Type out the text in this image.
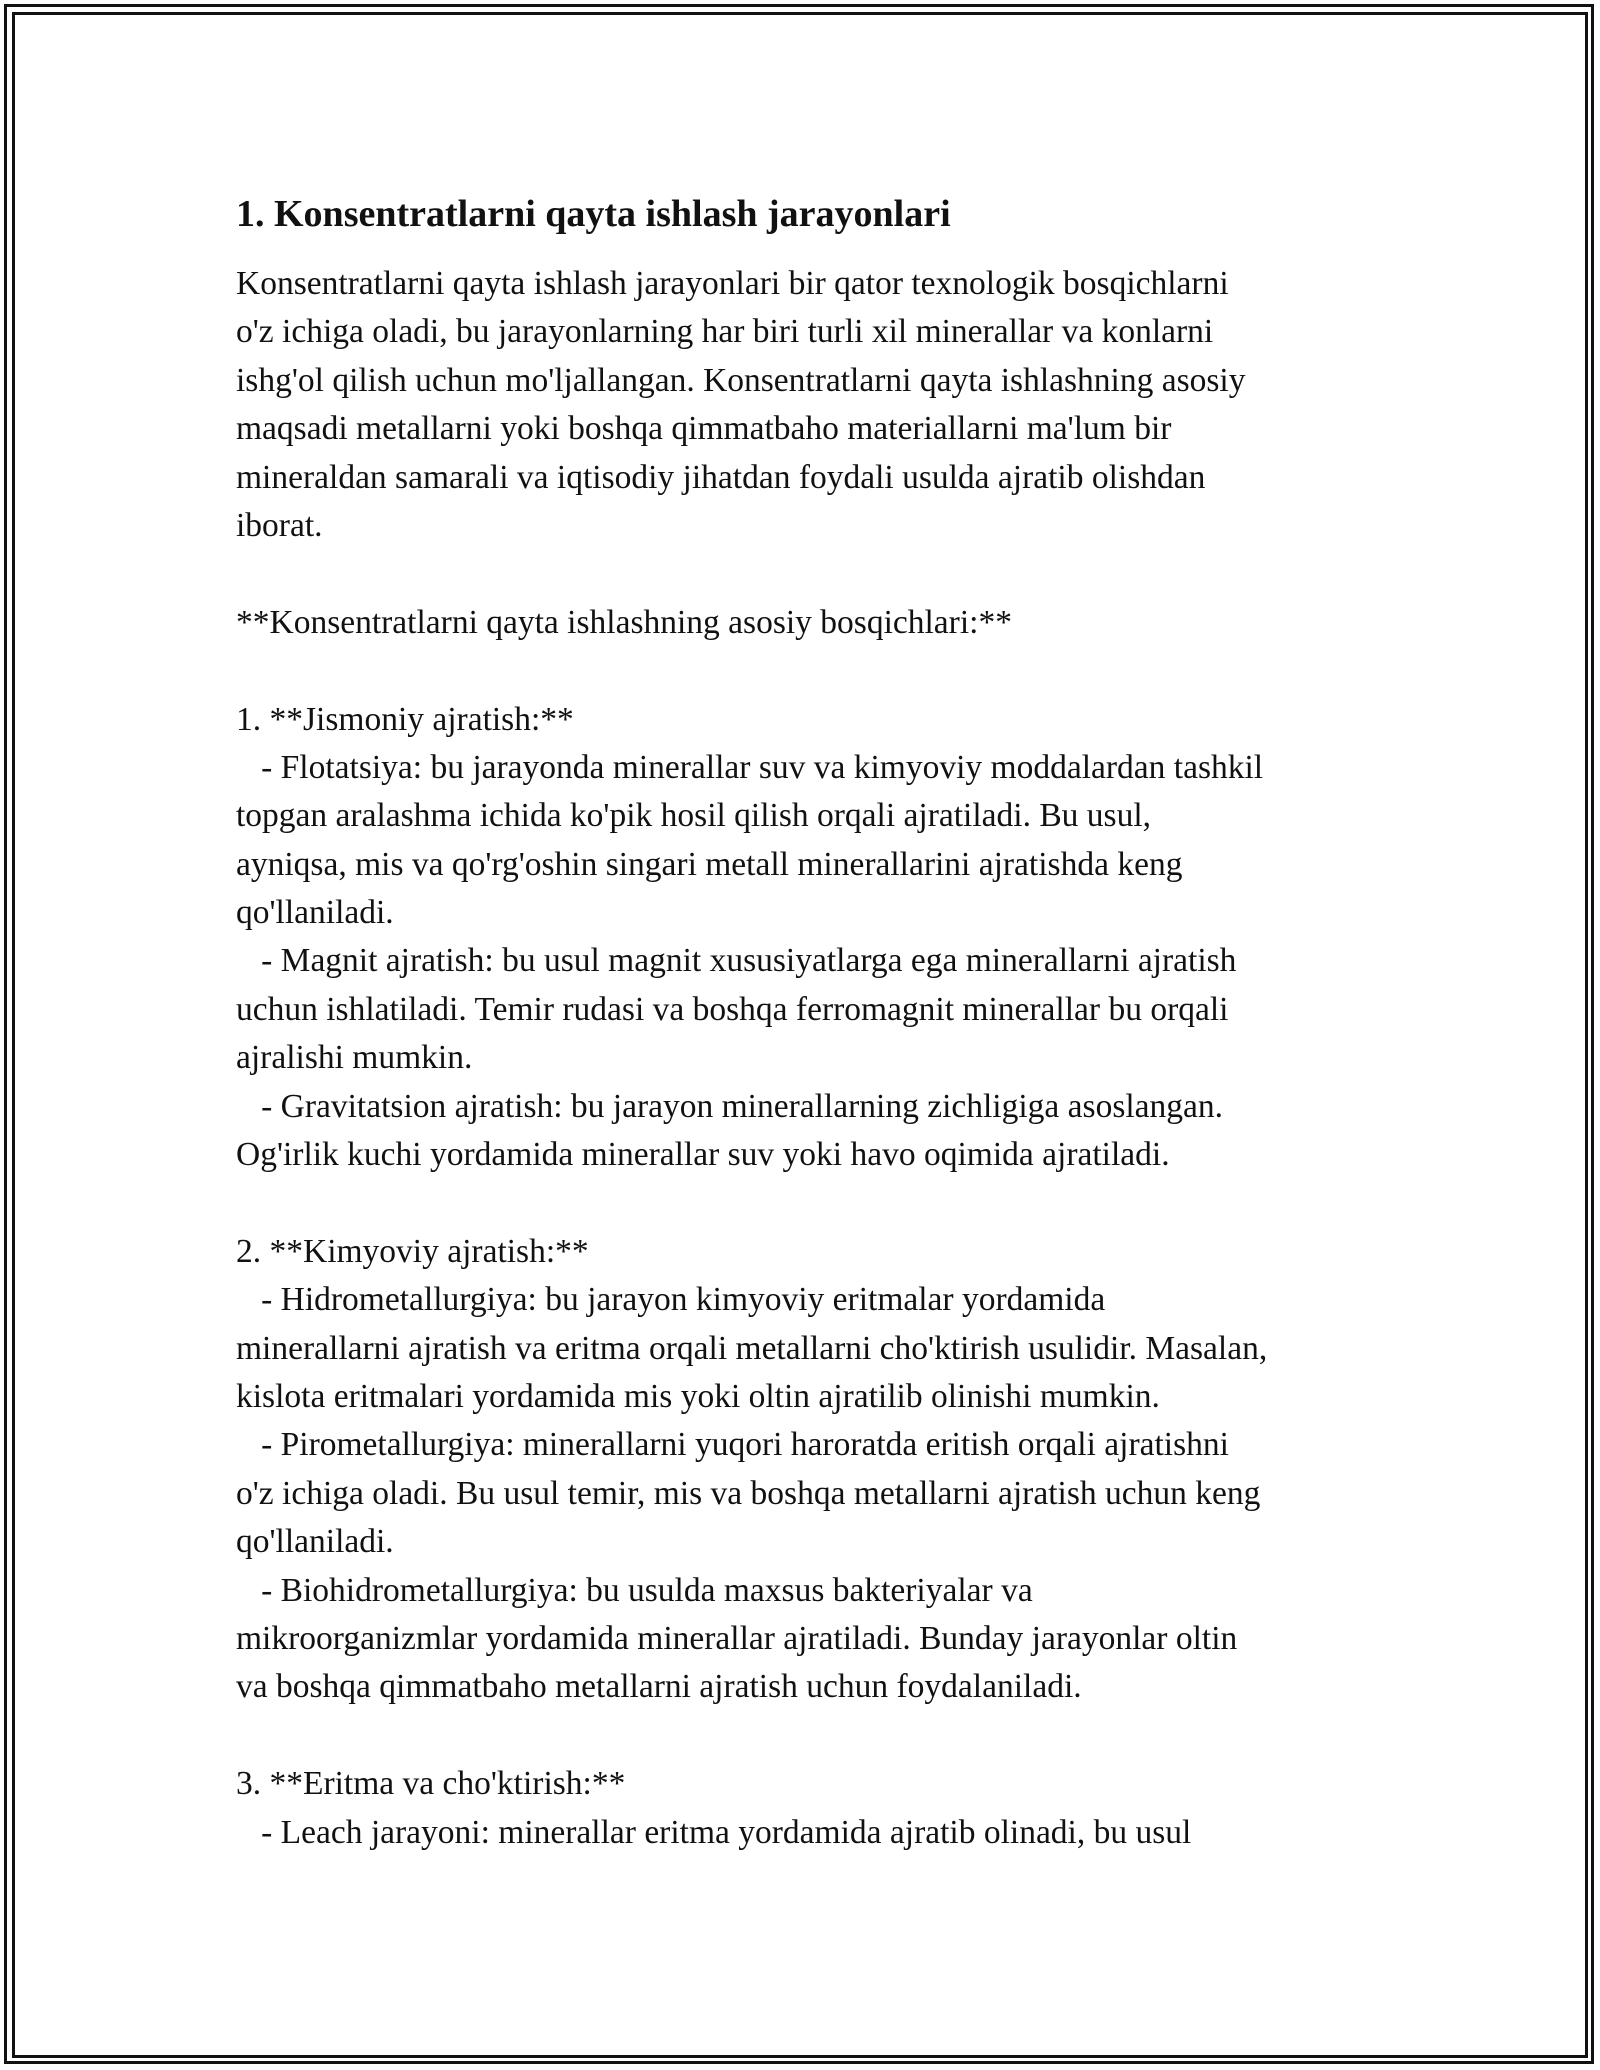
1. Konsentratlarni qayta ishlash jarayonlari
Konsentratlarni qayta ishlash jarayonlari bir qator texnologik bosqichlarni
o'z ichiga oladi, bu jarayonlarning har biri turli xil minerallar va konlarni
ishg'ol qilish uchun mo'ljallangan. Konsentratlarni qayta ishlashning asosiy
maqsadi metallarni yoki boshqa qimmatbaho materiallarni ma'lum bir
mineraldan samarali va iqtisodiy jihatdan foydali usulda ajratib olishdan
iborat.
**Konsentratlarni qayta ishlashning asosiy bosqichlari:**
1. **Jismoniy ajratish:**
- Flotatsiya: bu jarayonda minerallar suv va kimyoviy moddalardan tashkil
topgan aralashma ichida ko'pik hosil qilish orqali ajratiladi. Bu usul,
ayniqsa, mis va qo'rg'oshin singari metall minerallarini ajratishda keng
qo'llaniladi.
- Magnit ajratish: bu usul magnit xususiyatlarga ega minerallarni ajratish
uchun ishlatiladi. Temir rudasi va boshqa ferromagnit minerallar bu orqali
ajralishi mumkin.
- Gravitatsion ajratish: bu jarayon minerallarning zichligiga asoslangan.
Og'irlik kuchi yordamida minerallar suv yoki havo oqimida ajratiladi.
2. **Kimyoviy ajratish:**
- Hidrometallurgiya: bu jarayon kimyoviy eritmalar yordamida
minerallarni ajratish va eritma orqali metallarni cho'ktirish usulidir. Masalan,
kislota eritmalari yordamida mis yoki oltin ajratilib olinishi mumkin.
- Pirometallurgiya: minerallarni yuqori haroratda eritish orqali ajratishni
o'z ichiga oladi. Bu usul temir, mis va boshqa metallarni ajratish uchun keng
qo'llaniladi.
- Biohidrometallurgiya: bu usulda maxsus bakteriyalar va
mikroorganizmlar yordamida minerallar ajratiladi. Bunday jarayonlar oltin
va boshqa qimmatbaho metallarni ajratish uchun foydalaniladi.
3. **Eritma va cho'ktirish:**
- Leach jarayoni: minerallar eritma yordamida ajratib olinadi, bu usul
